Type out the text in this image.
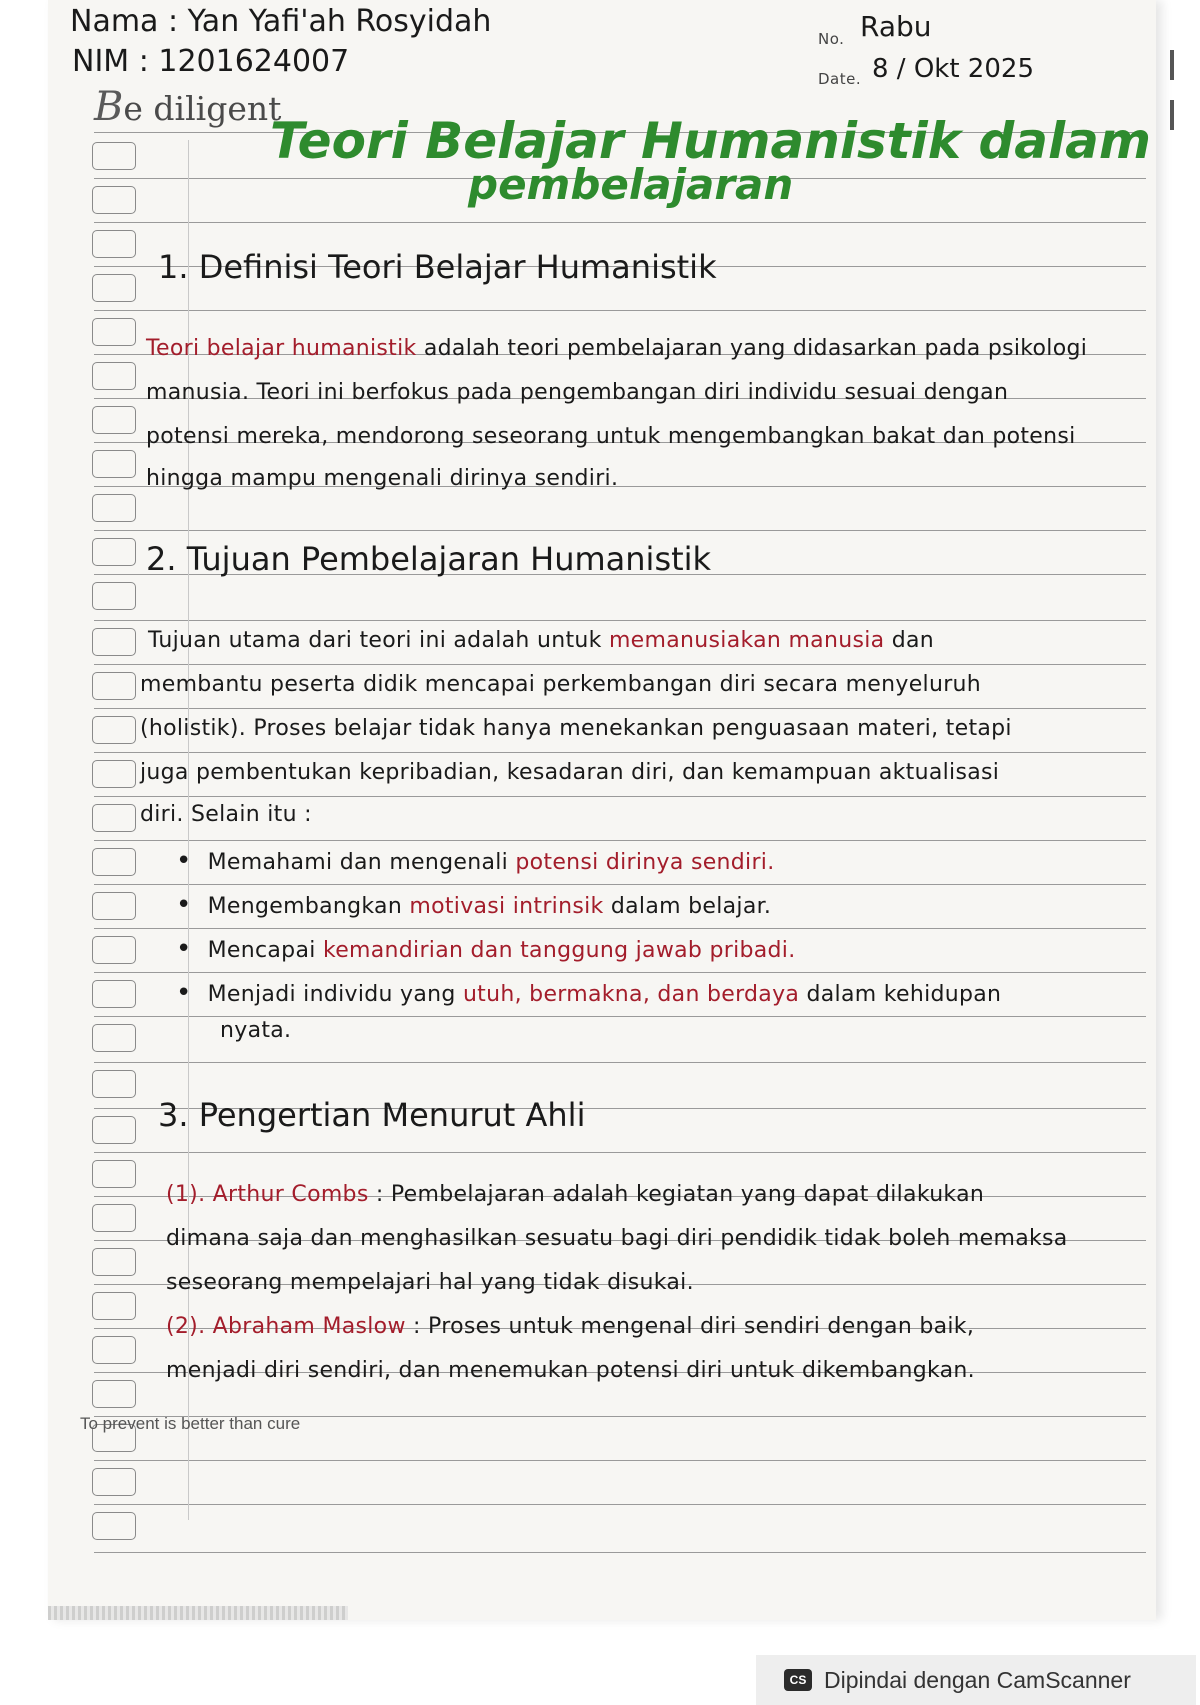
Nama : Yan Yafi'ah Rosyidah
NIM : 1201624007
Be diligent
No. Rabu
Date. 8 / Okt 2025
Teori Belajar Humanistik dalam
pembelajaran
1. Definisi Teori Belajar Humanistik
Teori belajar humanistik adalah teori pembelajaran yang didasarkan pada psikologi
manusia. Teori ini berfokus pada pengembangan diri individu sesuai dengan
potensi mereka, mendorong seseorang untuk mengembangkan bakat dan potensi
hingga mampu mengenali dirinya sendiri.
2. Tujuan Pembelajaran Humanistik
Tujuan utama dari teori ini adalah untuk memanusiakan manusia dan
membantu peserta didik mencapai perkembangan diri secara menyeluruh
(holistik). Proses belajar tidak hanya menekankan penguasaan materi, tetapi
juga pembentukan kepribadian, kesadaran diri, dan kemampuan aktualisasi
diri. Selain itu :
• Memahami dan mengenali potensi dirinya sendiri.
• Mengembangkan motivasi intrinsik dalam belajar.
• Mencapai kemandirian dan tanggung jawab pribadi.
• Menjadi individu yang utuh, bermakna, dan berdaya dalam kehidupan
nyata.
3. Pengertian Menurut Ahli
(1). Arthur Combs : Pembelajaran adalah kegiatan yang dapat dilakukan
dimana saja dan menghasilkan sesuatu bagi diri pendidik tidak boleh memaksa
seseorang mempelajari hal yang tidak disukai.
(2). Abraham Maslow : Proses untuk mengenal diri sendiri dengan baik,
menjadi diri sendiri, dan menemukan potensi diri untuk dikembangkan.
To prevent is better than cure
CS Dipindai dengan CamScanner
